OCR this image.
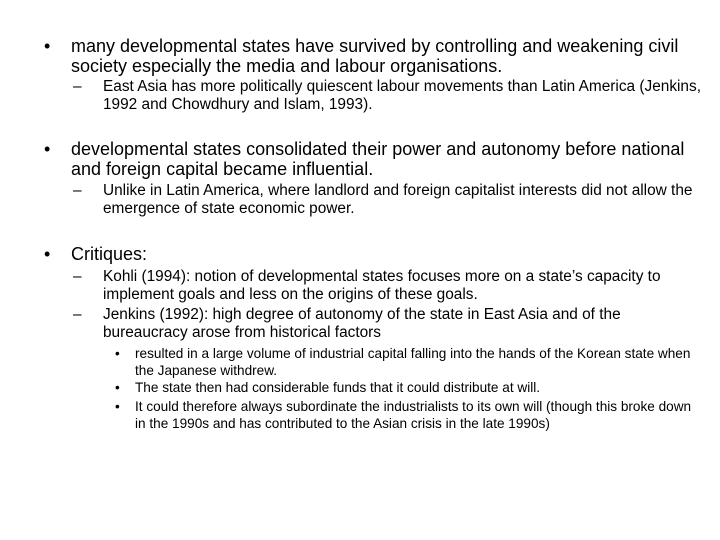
• many developmental states have survived by controlling and weakening civil society especially the media and labour organisations.
– East Asia has more politically quiescent labour movements than Latin America (Jenkins, 1992 and Chowdhury and Islam, 1993).
• developmental states consolidated their power and autonomy before national and foreign capital became influential.
– Unlike in Latin America, where landlord and foreign capitalist interests did not allow the emergence of state economic power.
• Critiques:
– Kohli (1994): notion of developmental states focuses more on a state’s capacity to implement goals and less on the origins of these goals.
– Jenkins (1992): high degree of autonomy of the state in East Asia and of the bureaucracy arose from historical factors
• resulted in a large volume of industrial capital falling into the hands of the Korean state when the Japanese withdrew.
• The state then had considerable funds that it could distribute at will.
• It could therefore always subordinate the industrialists to its own will (though this broke down in the 1990s and has contributed to the Asian crisis in the late 1990s)
